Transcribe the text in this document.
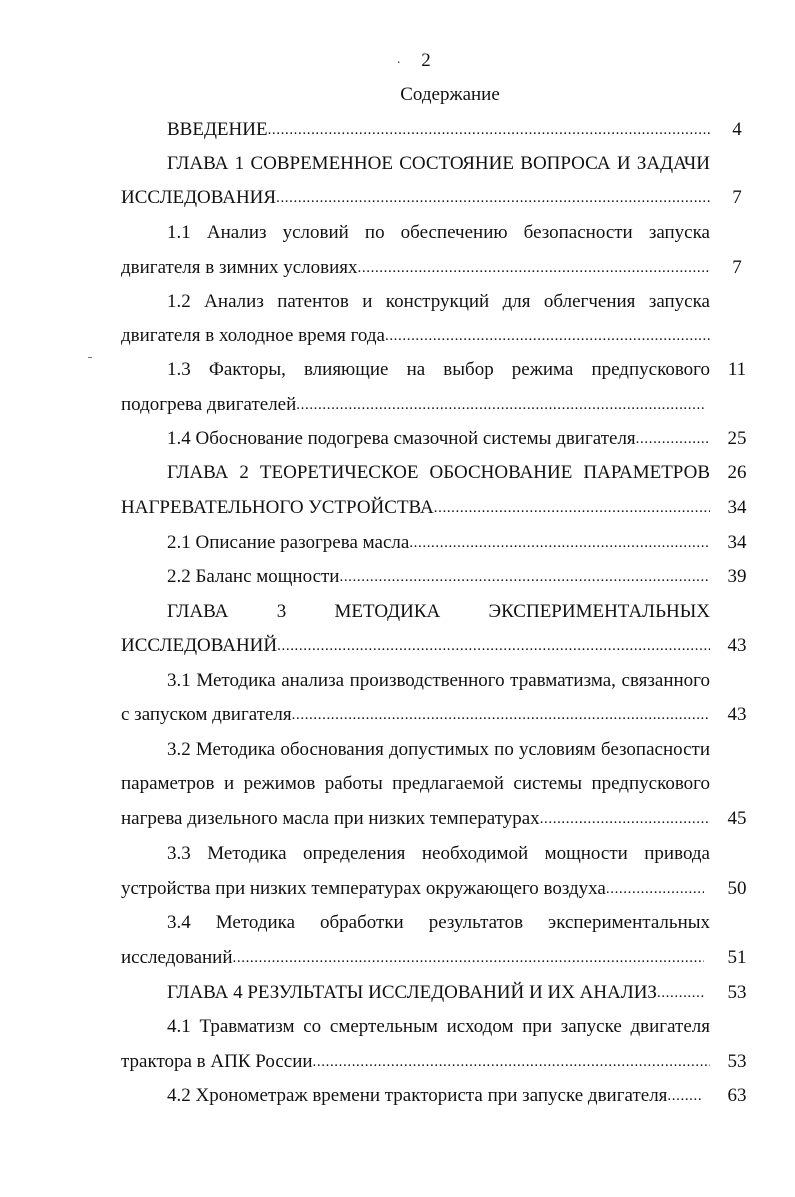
2
.
Содержание
ВВЕДЕНИЕ .....	4
ГЛАВА 1 СОВРЕМЕННОЕ СОСТОЯНИЕ ВОПРОСА И ЗАДАЧИ
ИССЛЕДОВАНИЯ .....	7
1.1 Анализ условий по обеспечению безопасности запуска
двигателя в зимних условиях .....	7
1.2 Анализ патентов и конструкций для облегчения запуска
двигателя в холодное время года
.....
1.3 Факторы, влияющие на выбор режима предпускового 11
подогрева двигателей
.....
1.4 Обоснование подогрева смазочной системы двигателя .....	25
ГЛАВА 2 ТЕОРЕТИЧЕСКОЕ ОБОСНОВАНИЕ ПАРАМЕТРОВ 26
НАГРЕВАТЕЛЬНОГО УСТРОЙСТВА .....	34
2.1 Описание разогрева масла .....	34
2.2 Баланс мощности .....	39
ГЛАВА 3 МЕТОДИКА ЭКСПЕРИМЕНТАЛЬНЫХ
ИССЛЕДОВАНИЙ .....	43
3.1 Методика анализа производственного травматизма, связанного
с запуском двигателя .....	43
3.2 Методика обоснования допустимых по условиям безопасности
параметров и режимов работы предлагаемой системы предпускового
нагрева дизельного масла при низких температурах .....	45
3.3 Методика определения необходимой мощности привода
устройства при низких температурах окружающего воздуха .....	50
3.4 Методика обработки результатов экспериментальных
исследований .....	51
ГЛАВА 4 РЕЗУЛЬТАТЫ ИССЛЕДОВАНИЙ И ИХ АНАЛИЗ .....	53
4.1 Травматизм со смертельным исходом при запуске двигателя
трактора в АПК России .....	53
4.2 Хронометраж времени тракториста при запуске двигателя .....	63
